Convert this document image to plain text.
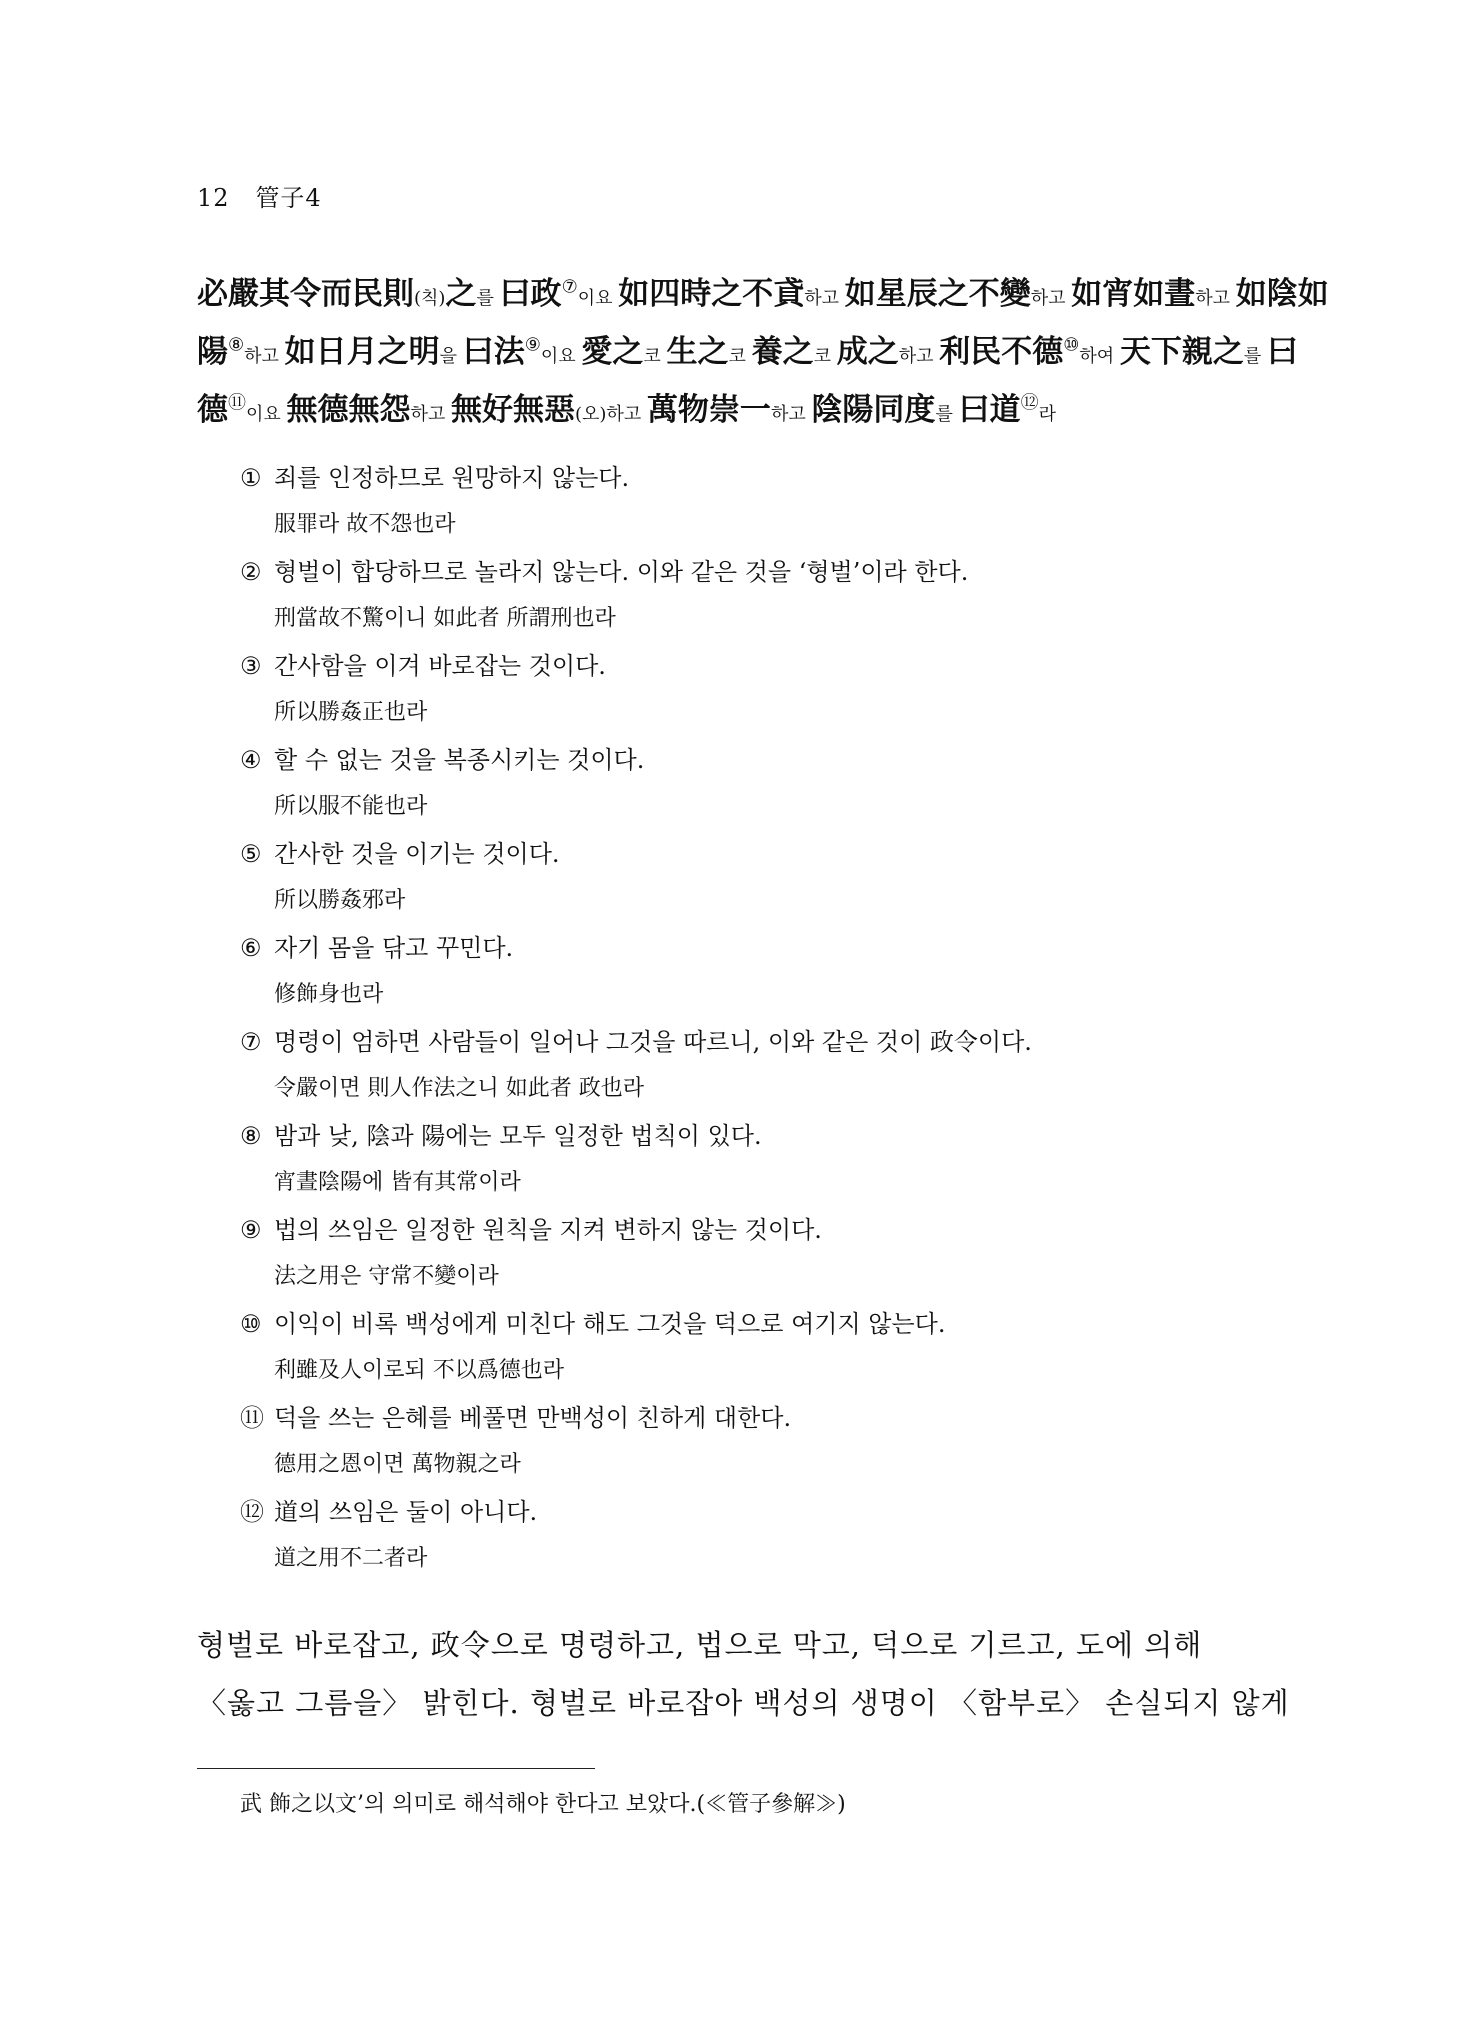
12 管子4
必嚴其令而民則(칙)之를 曰政⑦이요 如四時之不貣하고 如星辰之不變하고 如宵如晝하고 如陰如
陽⑧하고 如日月之明을 曰法⑨이요 愛之코 生之코 養之코 成之하고 利民不德⑩하여 天下親之를 曰
德⑪이요 無德無怨하고 無好無惡(오)하고 萬物崇一하고 陰陽同度를 曰道⑫라
① 죄를 인정하므로 원망하지 않는다.
服罪라 故不怨也라
② 형벌이 합당하므로 놀라지 않는다. 이와 같은 것을 ‘형벌’이라 한다.
刑當故不驚이니 如此者 所謂刑也라
③ 간사함을 이겨 바로잡는 것이다.
所以勝姦正也라
④ 할 수 없는 것을 복종시키는 것이다.
所以服不能也라
⑤ 간사한 것을 이기는 것이다.
所以勝姦邪라
⑥ 자기 몸을 닦고 꾸민다.
修飾身也라
⑦ 명령이 엄하면 사람들이 일어나 그것을 따르니, 이와 같은 것이 政令이다.
令嚴이면 則人作法之니 如此者 政也라
⑧ 밤과 낮, 陰과 陽에는 모두 일정한 법칙이 있다.
宵晝陰陽에 皆有其常이라
⑨ 법의 쓰임은 일정한 원칙을 지켜 변하지 않는 것이다.
法之用은 守常不變이라
⑩ 이익이 비록 백성에게 미친다 해도 그것을 덕으로 여기지 않는다.
利雖及人이로되 不以爲德也라
⑪ 덕을 쓰는 은혜를 베풀면 만백성이 친하게 대한다.
德用之恩이면 萬物親之라
⑫ 道의 쓰임은 둘이 아니다.
道之用不二者라
형벌로 바로잡고, 政令으로 명령하고, 법으로 막고, 덕으로 기르고, 도에 의해
〈옳고 그름을〉 밝힌다. 형벌로 바로잡아 백성의 생명이 〈함부로〉 손실되지 않게
武 飾之以文’의 의미로 해석해야 한다고 보았다.(≪管子參解≫)
